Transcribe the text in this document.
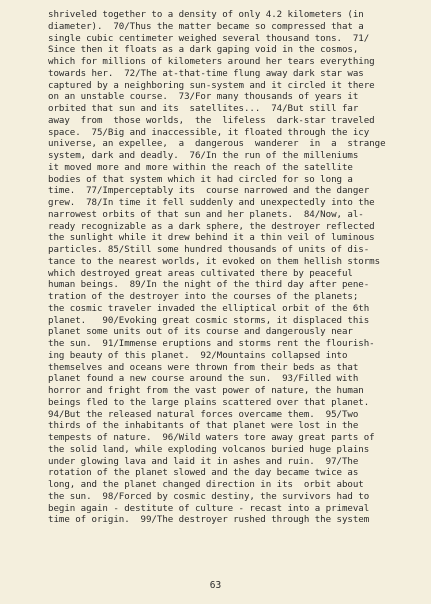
shriveled together to a density of only 4.2 kilometers (in
diameter).  70/Thus the matter became so compressed that a
single cubic centimeter weighed several thousand tons.  71/
Since then it floats as a dark gaping void in the cosmos,
which for millions of kilometers around her tears everything
towards her.  72/The at-that-time flung away dark star was
captured by a neighboring sun-system and it circled it there
on an unstable course.  73/For many thousands of years it
orbited that sun and its  satellites...  74/But still far
away  from  those worlds,  the  lifeless  dark-star traveled
space.  75/Big and inaccessible, it floated through the icy
universe, an expellee,  a  dangerous  wanderer  in  a  strange
system, dark and deadly.  76/In the run of the milleniums
it moved more and more within the reach of the satellite
bodies of that system which it had circled for so long a
time.  77/Imperceptably its  course narrowed and the danger
grew.  78/In time it fell suddenly and unexpectedly into the
narrowest orbits of that sun and her planets.  84/Now, al-
ready recognizable as a dark sphere, the destroyer reflected
the sunlight while it drew behind it a thin veil of luminous
particles. 85/Still some hundred thousands of units of dis-
tance to the nearest worlds, it evoked on them hellish storms
which destroyed great areas cultivated there by peaceful
human beings.  89/In the night of the third day after pene-
tration of the destroyer into the courses of the planets;
the cosmic traveler invaded the elliptical orbit of the 6th
planet.   90/Evoking great cosmic storms, it displaced this
planet some units out of its course and dangerously near
the sun.  91/Immense eruptions and storms rent the flourish-
ing beauty of this planet.  92/Mountains collapsed into
themselves and oceans were thrown from their beds as that
planet found a new course around the sun.  93/Filled with
horror and fright from the vast power of nature, the human
beings fled to the large plains scattered over that planet.
94/But the released natural forces overcame them.  95/Two
thirds of the inhabitants of that planet were lost in the
tempests of nature.  96/Wild waters tore away great parts of
the solid land, while exploding volcanos buried huge plains
under glowing lava and laid it in ashes and ruin.  97/The
rotation of the planet slowed and the day became twice as
long, and the planet changed direction in its  orbit about
the sun.  98/Forced by cosmic destiny, the survivors had to
begin again - destitute of culture - recast into a primeval
time of origin.  99/The destroyer rushed through the system
63
